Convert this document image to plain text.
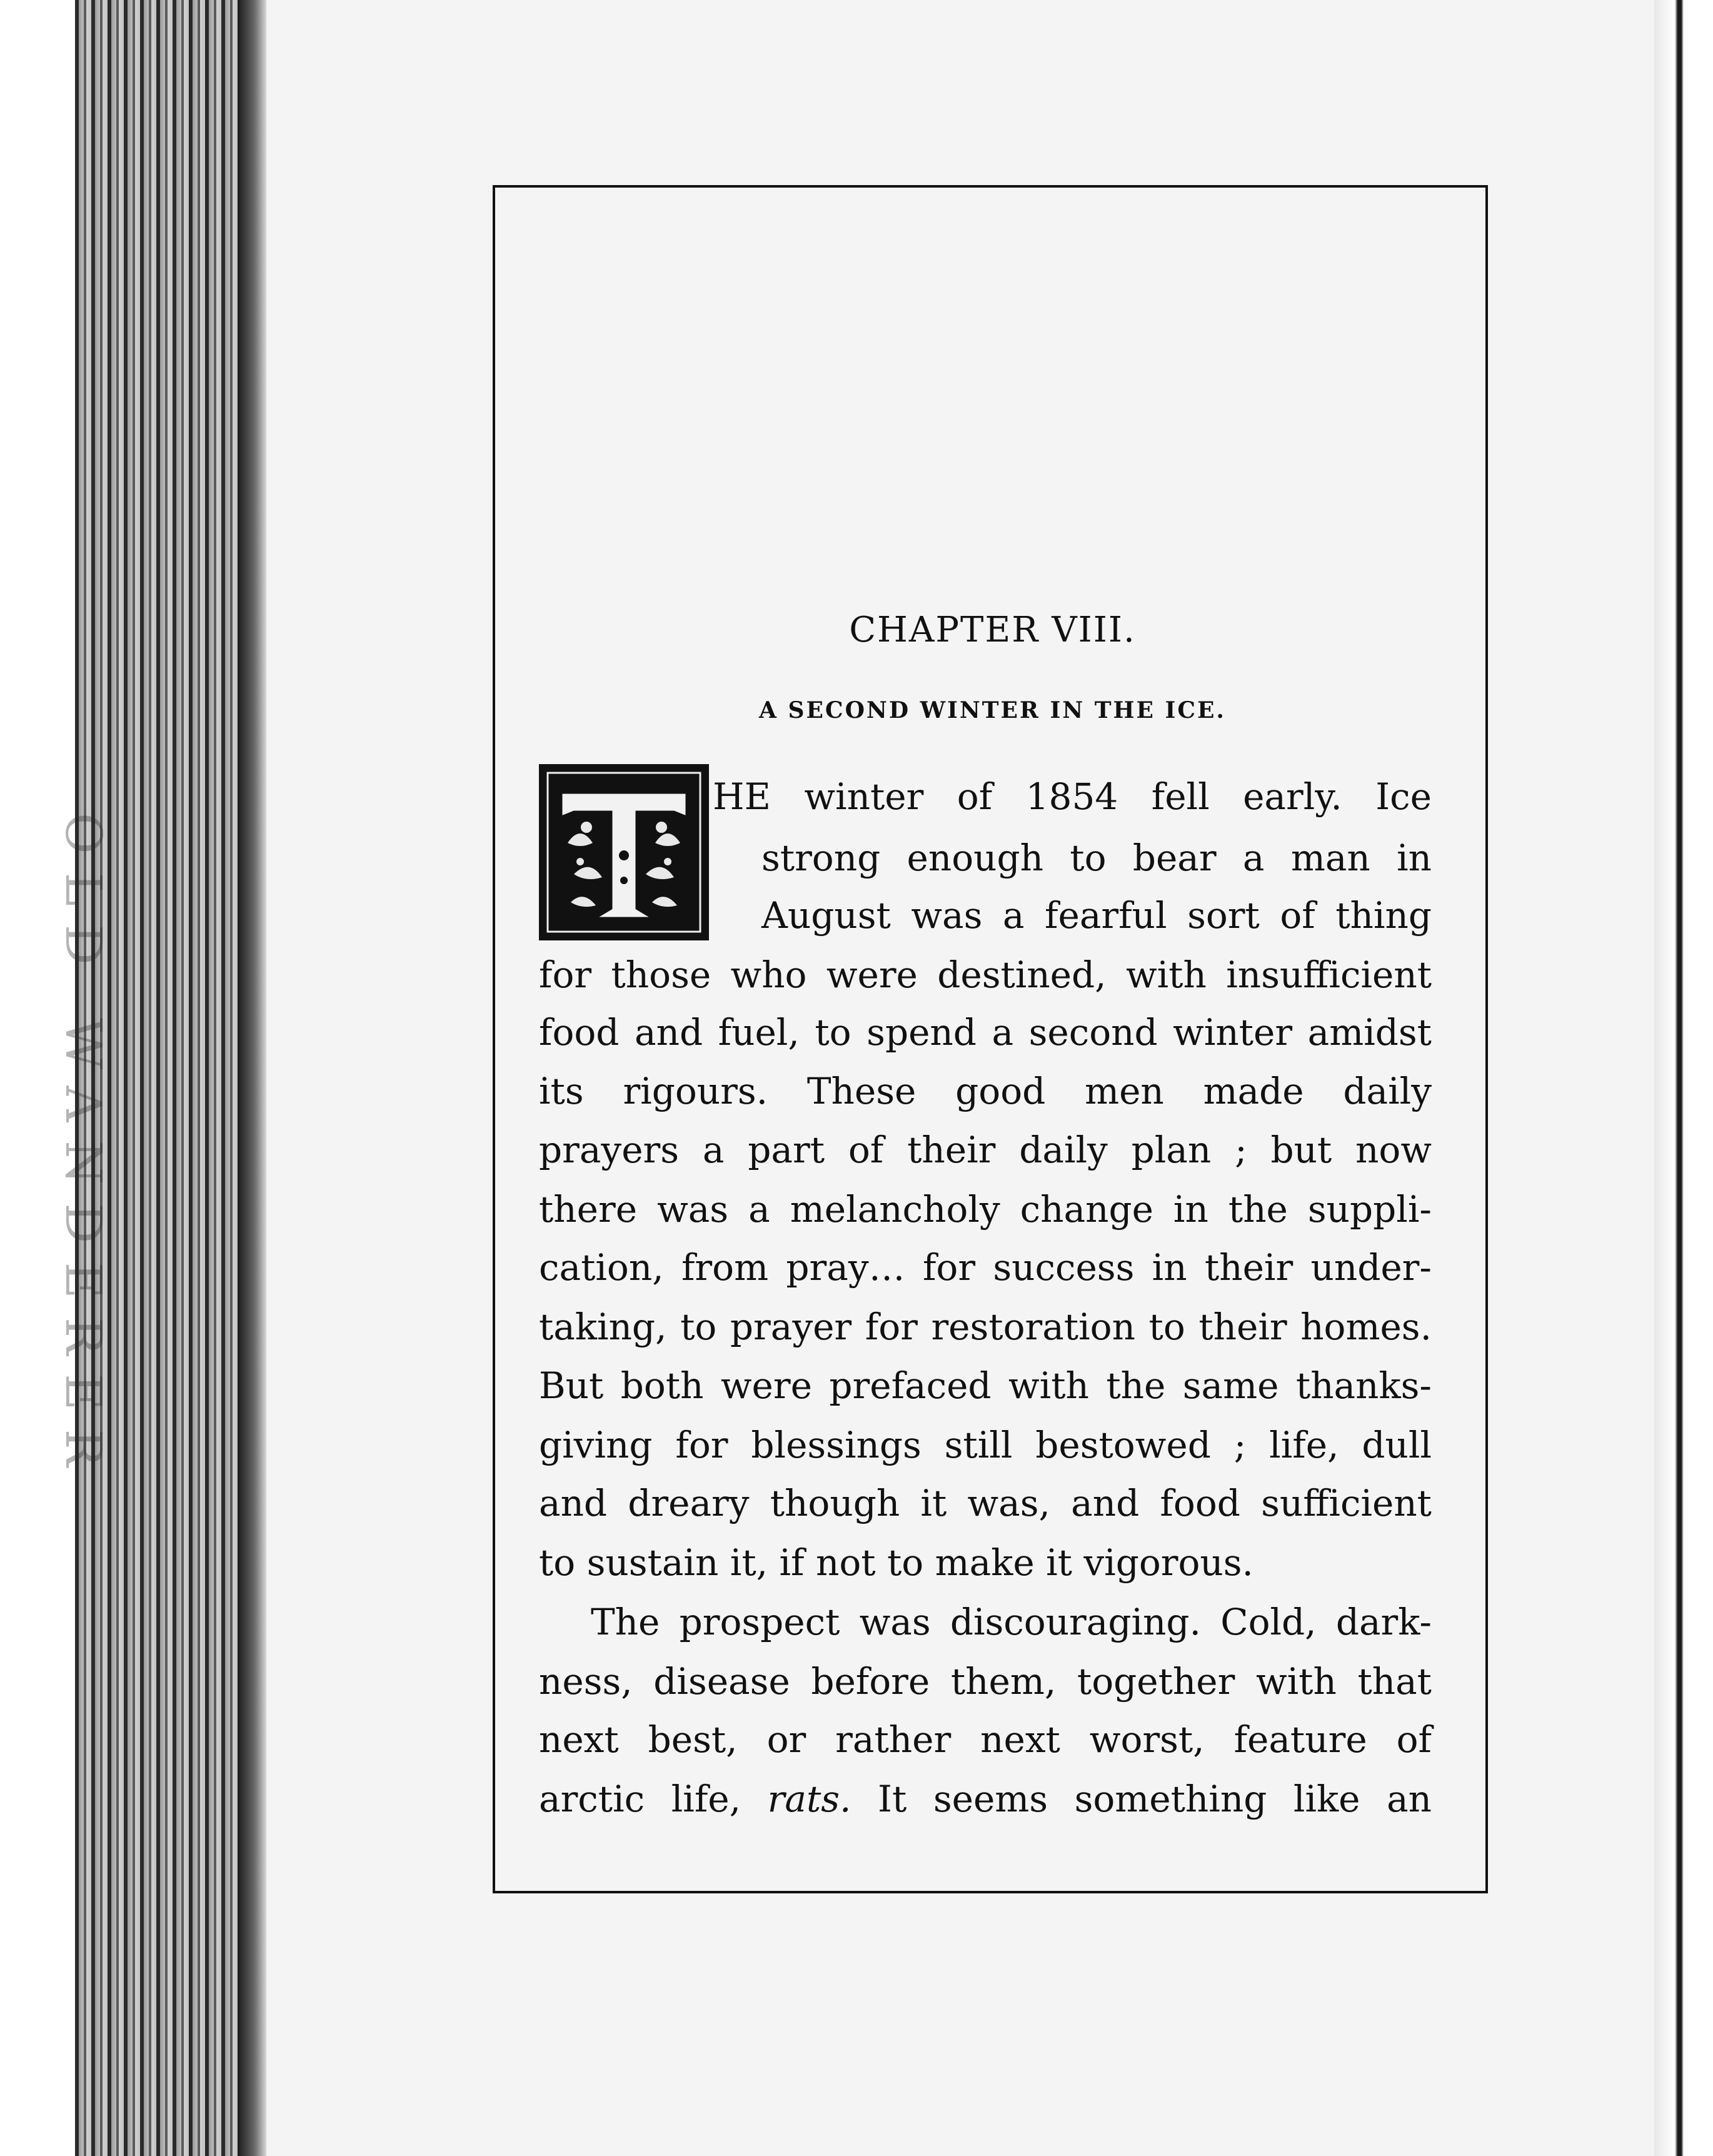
OLD WANDERER
CHAPTER VIII.
A SECOND WINTER IN THE ICE.

HE winter of 1854 fell early. Ice

strong enough to bear a man in

August was a fearful sort of thing

for those who were destined, with insufficient

food and fuel, to spend a second winter amidst

its rigours. These good men made daily

prayers a part of their daily plan ; but now

there was a melancholy change in the suppli-

cation, from pray… for success in their under-

taking, to prayer for restoration to their homes.

But both were prefaced with the same thanks-

giving for blessings still bestowed ; life, dull

and dreary though it was, and food sufficient

to sustain it, if not to make it vigorous.

The prospect was discouraging. Cold, dark-

ness, disease before them, together with that

next best, or rather next worst, feature of

arctic life, rats. It seems something like an
